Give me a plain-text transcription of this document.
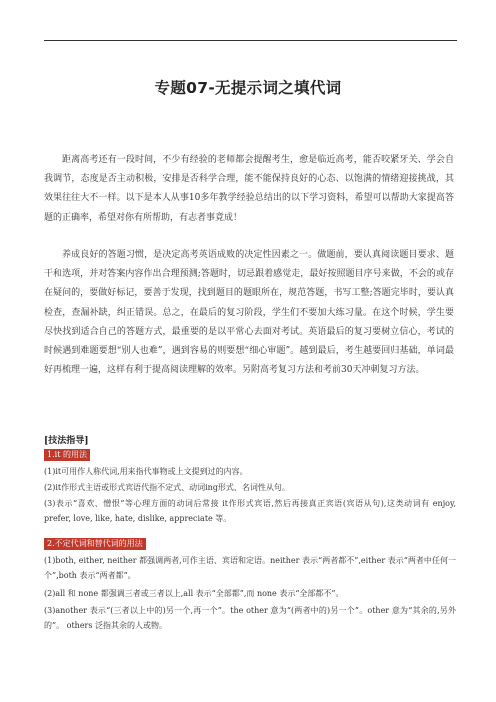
专题07-无提示词之填代词
距离高考还有一段时间，不少有经验的老师都会提醒考生，愈是临近高考，能否咬紧牙关、学会自我调节，态度是否主动积极，安排是否科学合理，能不能保持良好的心态、以饱满的情绪迎接挑战，其效果往往大不一样。以下是本人从事10多年教学经验总结出的以下学习资料，希望可以帮助大家提高答题的正确率，希望对你有所帮助，有志者事竟成！
养成良好的答题习惯，是决定高考英语成败的决定性因素之一。做题前，要认真阅读题目要求、题干和选项，并对答案内容作出合理预测;答题时，切忌跟着感觉走，最好按照题目序号来做，不会的或存在疑问的，要做好标记，要善于发现，找到题目的题眼所在，规范答题，书写工整;答题完毕时，要认真检查，查漏补缺，纠正错误。总之，在最后的复习阶段，学生们不要加大练习量。在这个时候，学生要尽快找到适合自己的答题方式，最重要的是以平常心去面对考试。英语最后的复习要树立信心，考试的时候遇到难题要想“别人也难”，遇到容易的则要想“细心审题”。越到最后，考生越要回归基础，单词最好再梳理一遍，这样有利于提高阅读理解的效率。另附高考复习方法和考前30天冲刺复习方法。
[技法指导]
1.it 的用法
(1)it可用作人称代词,用来指代事物或上文提到过的内容。
(2)it作形式主语或形式宾语代指不定式、动词ing形式、名词性从句。
(3)表示“喜欢、憎恨”等心理方面的动词后常接 it作形式宾语,然后再接真正宾语(宾语从句),这类动词有 enjoy, prefer, love, like, hate, dislike, appreciate 等。
2.不定代词和替代词的用法
(1)both, either, neither 都强调两者,可作主语、宾语和定语。neither 表示“两者都不”,either 表示“两者中任何一个”,both 表示“两者都”。
(2)all 和 none 都强调三者或三者以上,all 表示“全部都”,而 none 表示“全部都不”。
(3)another 表示“(三者以上中的)另一个,再一个”。the other 意为“(两者中的)另一个”。other 意为“其余的,另外的”。 others 泛指其余的人或物。
